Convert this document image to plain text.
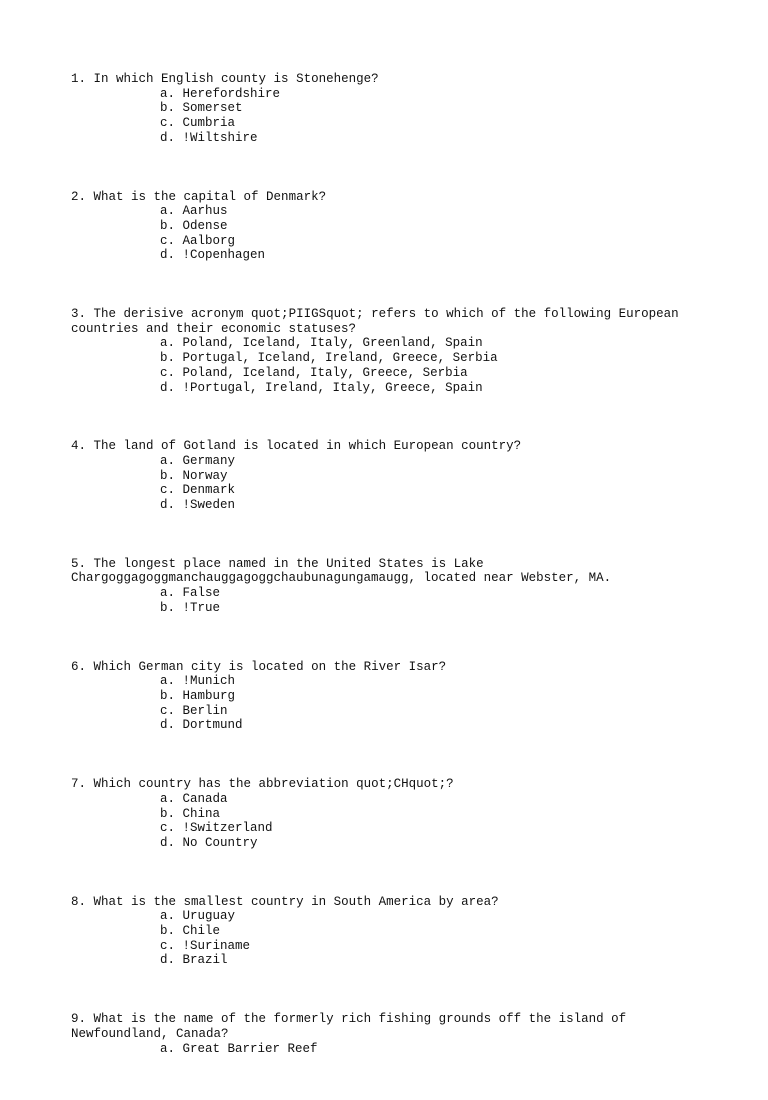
1. In which English county is Stonehenge?

a. Herefordshire
b. Somerset
c. Cumbria
d. !Wiltshire

2. What is the capital of Denmark?

a. Aarhus
b. Odense
c. Aalborg
d. !Copenhagen

3. The derisive acronym quot;PIIGSquot; refers to which of the following European countries and their economic statuses?

a. Poland, Iceland, Italy, Greenland, Spain
b. Portugal, Iceland, Ireland, Greece, Serbia
c. Poland, Iceland, Italy, Greece, Serbia
d. !Portugal, Ireland, Italy, Greece, Spain

4. The land of Gotland is located in which European country?

a. Germany
b. Norway
c. Denmark
d. !Sweden

5. The longest place named in the United States is Lake Chargoggagoggmanchauggagoggchaubunagungamaugg, located near Webster, MA.

a. False
b. !True

6. Which German city is located on the River Isar?

a. !Munich
b. Hamburg
c. Berlin
d. Dortmund

7. Which country has the abbreviation quot;CHquot;?

a. Canada
b. China
c. !Switzerland
d. No Country

8. What is the smallest country in South America by area?

a. Uruguay
b. Chile
c. !Suriname
d. Brazil

9. What is the name of the formerly rich fishing grounds off the island of Newfoundland, Canada?

a. Great Barrier Reef
